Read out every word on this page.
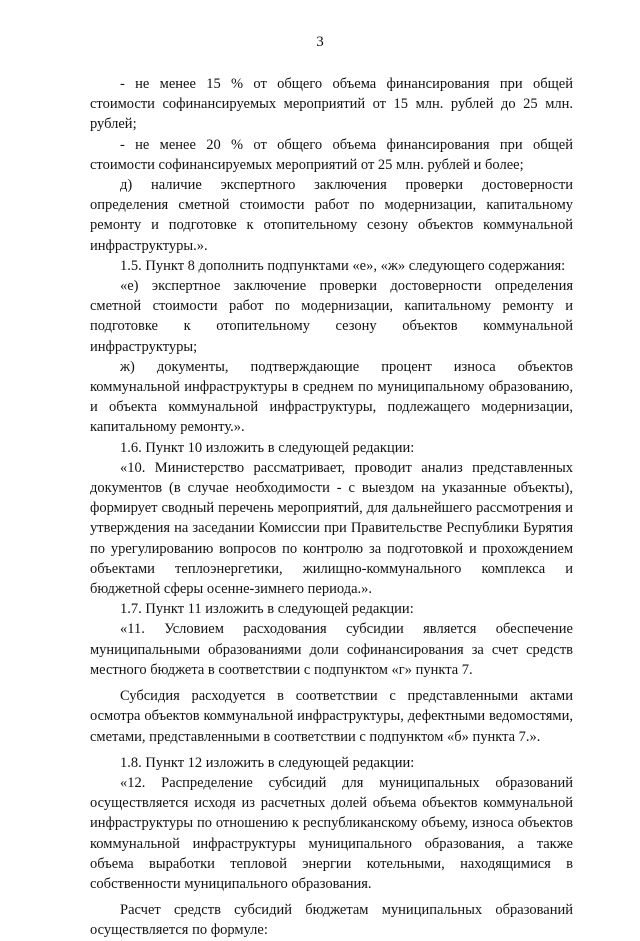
3

- не менее 15 % от общего объема финансирования при общей стоимости софинансируемых мероприятий от 15 млн. рублей до 25 млн. рублей;

- не менее 20 % от общего объема финансирования при общей стоимости софинансируемых мероприятий от 25 млн. рублей и более;

д) наличие экспертного заключения проверки достоверности определения сметной стоимости работ по модернизации, капитальному ремонту и подготовке к отопительному сезону объектов коммунальной инфраструктуры.».

1.5. Пункт 8 дополнить подпунктами «е», «ж» следующего содержания:

«е) экспертное заключение проверки достоверности определения сметной стоимости работ по модернизации, капитальному ремонту и подготовке к отопительному сезону объектов коммунальной инфраструктуры;

ж) документы, подтверждающие процент износа объектов коммунальной инфраструктуры в среднем по муниципальному образованию, и объекта коммунальной инфраструктуры, подлежащего модернизации, капитальному ремонту.».

1.6. Пункт 10 изложить в следующей редакции:

«10. Министерство рассматривает, проводит анализ представленных документов (в случае необходимости - с выездом на указанные объекты), формирует сводный перечень мероприятий, для дальнейшего рассмотрения и утверждения на заседании Комиссии при Правительстве Республики Бурятия по урегулированию вопросов по контролю за подготовкой и прохождением объектами теплоэнергетики, жилищно-коммунального комплекса и бюджетной сферы осенне-зимнего периода.».

1.7. Пункт 11 изложить в следующей редакции:

«11. Условием расходования субсидии является обеспечение муниципальными образованиями доли софинансирования за счет средств местного бюджета в соответствии с подпунктом «г» пункта 7.

Субсидия расходуется в соответствии с представленными актами осмотра объектов коммунальной инфраструктуры, дефектными ведомостями, сметами, представленными в соответствии с подпунктом «б» пункта 7.».

1.8. Пункт 12 изложить в следующей редакции:

«12. Распределение субсидий для муниципальных образований осуществляется исходя из расчетных долей объема объектов коммунальной инфраструктуры по отношению к республиканскому объему, износа объектов коммунальной инфраструктуры муниципального образования, а также объема выработки тепловой энергии котельными, находящимися в собственности муниципального образования.

Расчет средств субсидий бюджетам муниципальных образований осуществляется по формуле:
